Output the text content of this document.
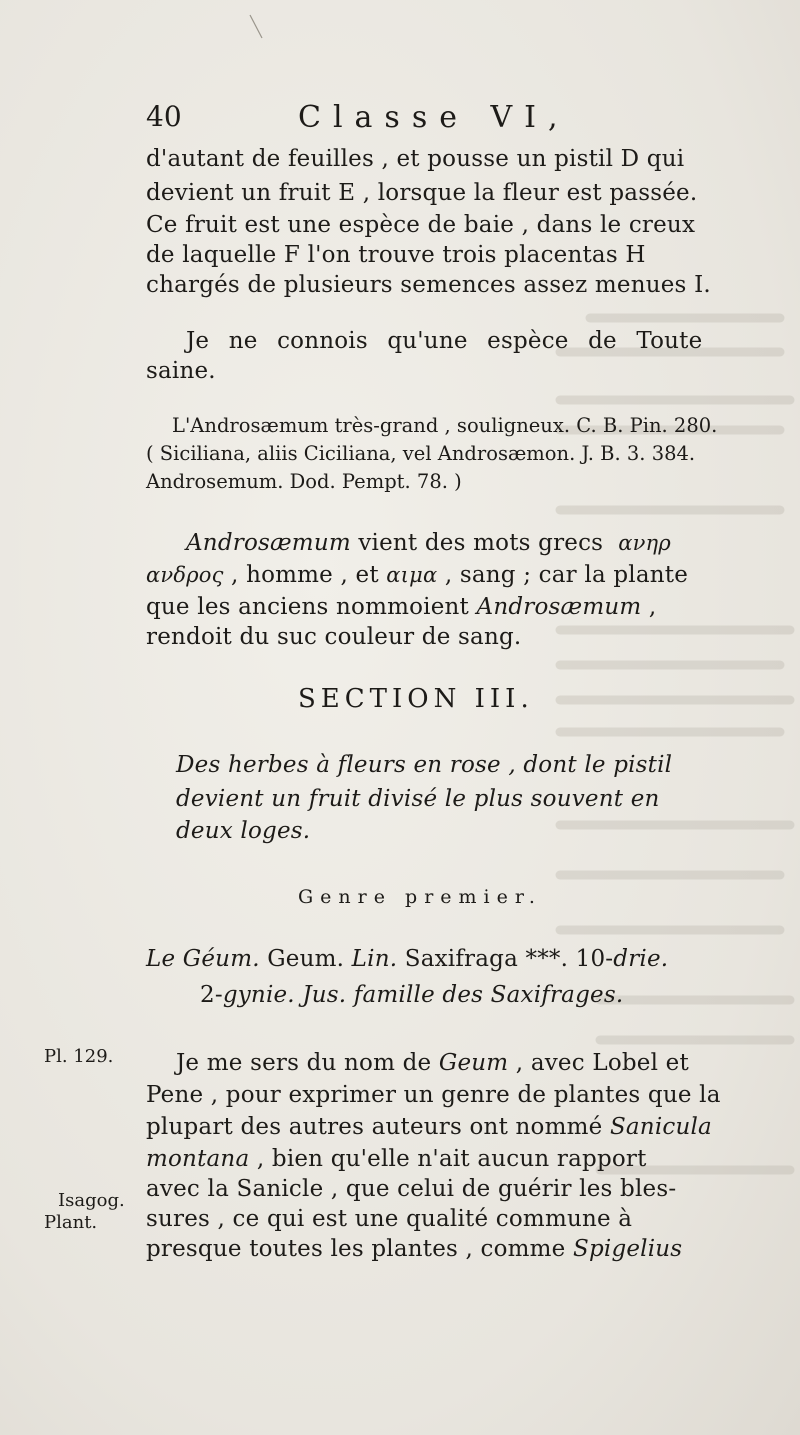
40	Classe VI,
d'autant de feuilles , et pousse un pistil D qui
devient un fruit E , lorsque la fleur est passée.
Ce fruit est une espèce de baie , dans le creux
de laquelle F l'on trouve trois placentas H
chargés de plusieurs semences assez menues I.
Je ne connois qu'une espèce de Toute
saine.
L'Androsæmum très-grand , souligneux. C. B. Pin. 280.
( Siciliana, aliis Ciciliana, vel Androsæmon. J. B. 3. 384.
Androsemum. Dod. Pempt. 78. )
Androsæmum vient des mots grecs ανηρ
ανδρος , homme , et αιμα , sang ; car la plante
que les anciens nommoient Androsæmum ,
rendoit du suc couleur de sang.
SECTION III.
Des herbes à fleurs en rose , dont le pistil
devient un fruit divisé le plus souvent en
deux loges.
Genre premier.
Le Géum. Geum. Lin. Saxifraga ***. 10-drie.
2-gynie. Jus. famille des Saxifrages.
Pl. 129.
Isagog.
Plant.
Je me sers du nom de Geum , avec Lobel et
Pene , pour exprimer un genre de plantes que la
plupart des autres auteurs ont nommé Sanicula
montana , bien qu'elle n'ait aucun rapport
avec la Sanicle , que celui de guérir les bles-
sures , ce qui est une qualité commune à
presque toutes les plantes , comme Spigelius
